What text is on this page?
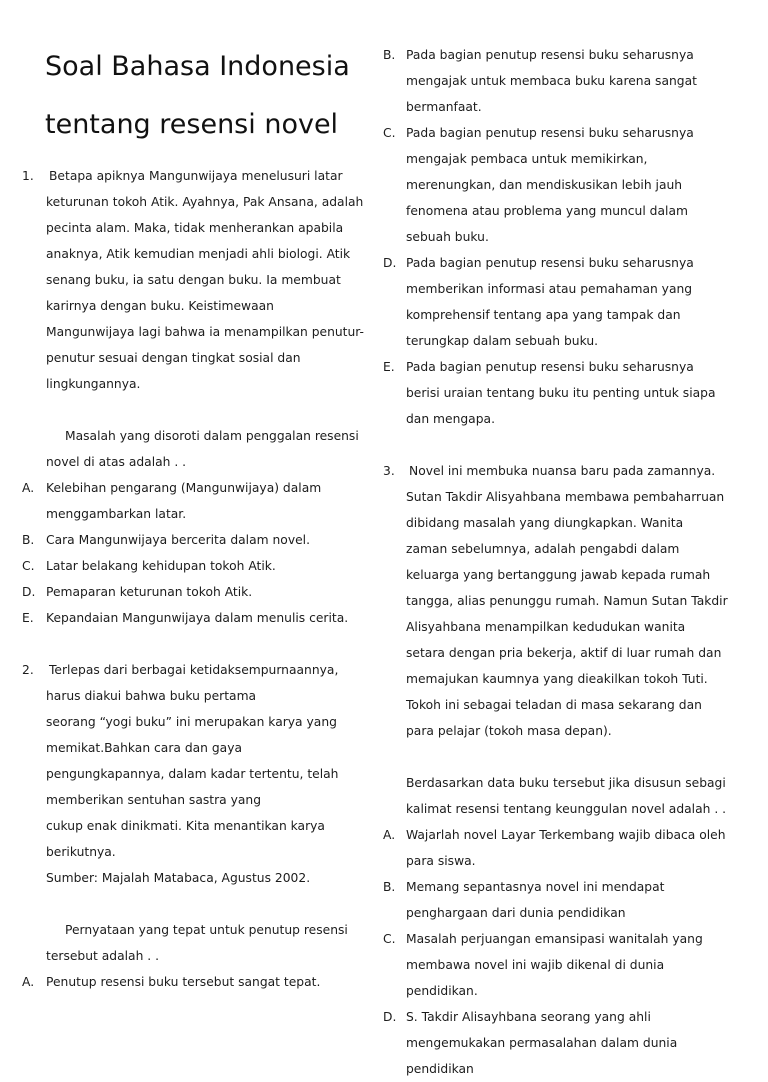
Soal Bahasa Indonesia
tentang resensi novel
1. Betapa apiknya Mangunwijaya menelusuri latar keturunan tokoh Atik. Ayahnya, Pak Ansana, adalah pecinta alam. Maka, tidak menherankan apabila anaknya, Atik kemudian menjadi ahli biologi. Atik senang buku, ia satu dengan buku. Ia membuat karirnya dengan buku. Keistimewaan Mangunwijaya lagi bahwa ia menampilkan penutur-penutur sesuai dengan tingkat sosial dan lingkungannya.

Masalah yang disoroti dalam penggalan resensi novel di atas adalah . .

A. Kelebihan pengarang (Mangunwijaya) dalam menggambarkan latar.
B. Cara Mangunwijaya bercerita dalam novel.
C. Latar belakang kehidupan tokoh Atik.
D. Pemaparan keturunan tokoh Atik.
E. Kepandaian Mangunwijaya dalam menulis cerita.
2. Terlepas dari berbagai ketidaksempurnaannya, harus diakui bahwa buku pertama

seorang “yogi buku” ini merupakan karya yang memikat.Bahkan cara dan gaya pengungkapannya, dalam kadar tertentu, telah memberikan sentuhan sastra yang

cukup enak dinikmati. Kita menantikan karya berikutnya.

Sumber: Majalah Matabaca, Agustus 2002.

Pernyataan yang tepat untuk penutup resensi tersebut adalah . .

A. Penutup resensi buku tersebut sangat tepat.
B. Pada bagian penutup resensi buku seharusnya mengajak untuk membaca buku karena sangat bermanfaat.
C. Pada bagian penutup resensi buku seharusnya mengajak pembaca untuk memikirkan, merenungkan, dan mendiskusikan lebih jauh fenomena atau problema yang muncul dalam sebuah buku.
D. Pada bagian penutup resensi buku seharusnya memberikan informasi atau pemahaman yang komprehensif tentang apa yang tampak dan terungkap dalam sebuah buku.
E. Pada bagian penutup resensi buku seharusnya berisi uraian tentang buku itu penting untuk siapa dan mengapa.
3. Novel ini membuka nuansa baru pada zamannya. Sutan Takdir Alisyahbana membawa pembaharruan dibidang masalah yang diungkapkan. Wanita zaman sebelumnya, adalah pengabdi dalam keluarga yang bertanggung jawab kepada rumah tangga, alias penunggu rumah. Namun Sutan Takdir Alisyahbana menampilkan kedudukan wanita setara dengan pria bekerja, aktif di luar rumah dan memajukan kaumnya yang dieakilkan tokoh Tuti. Tokoh ini sebagai teladan di masa sekarang dan para pelajar (tokoh masa depan).

Berdasarkan data buku tersebut jika disusun sebagi kalimat resensi tentang keunggulan novel adalah . .

A. Wajarlah novel Layar Terkembang wajib dibaca oleh para siswa.
B. Memang sepantasnya novel ini mendapat penghargaan dari dunia pendidikan
C. Masalah perjuangan emansipasi wanitalah yang membawa novel ini wajib dikenal di dunia pendidikan.
D. S. Takdir Alisayhbana seorang yang ahli mengemukakan permasalahan dalam dunia pendidikan
